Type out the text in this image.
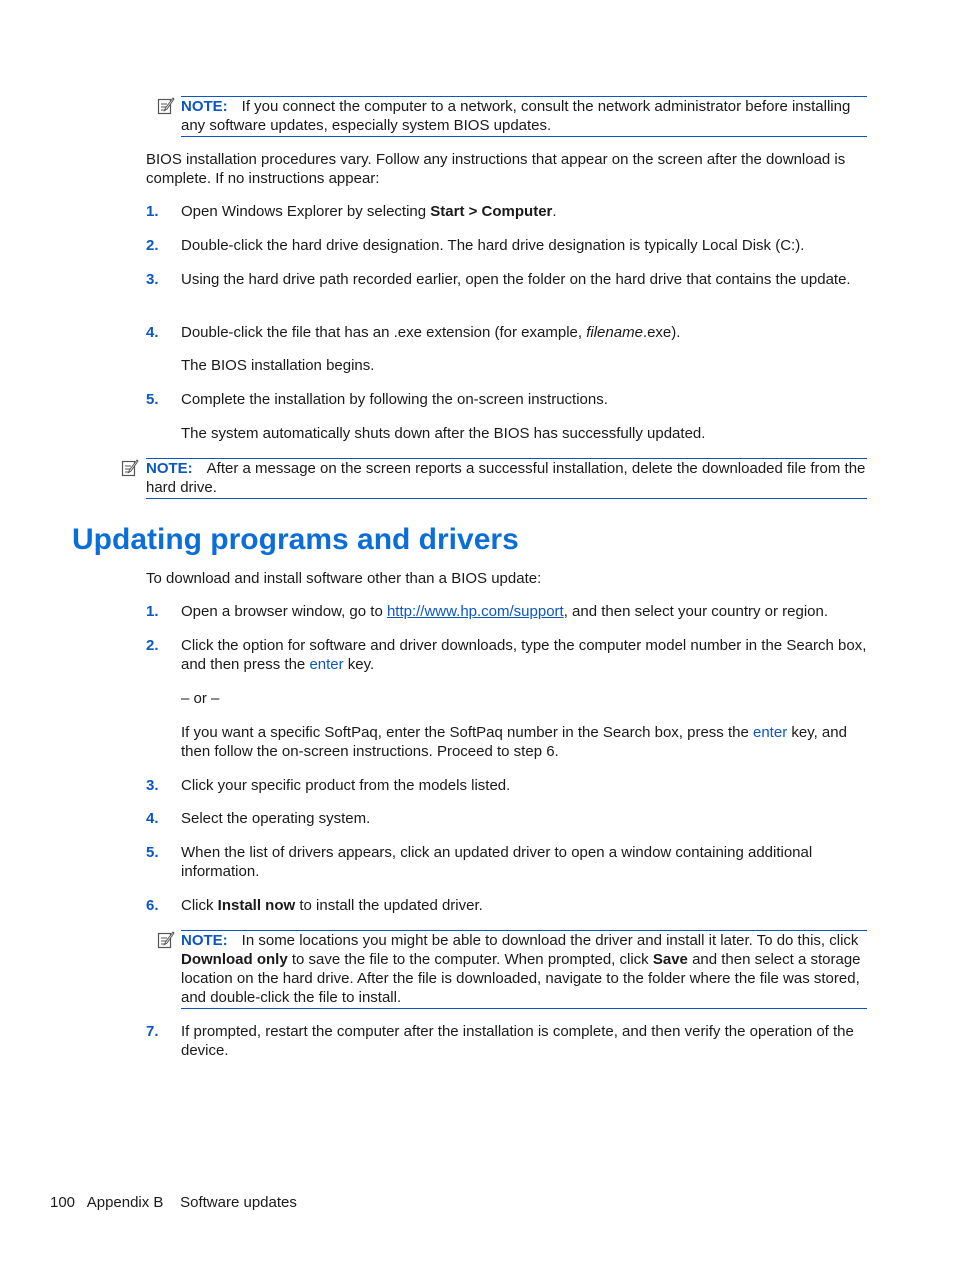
NOTE: If you connect the computer to a network, consult the network administrator before installing any software updates, especially system BIOS updates.
BIOS installation procedures vary. Follow any instructions that appear on the screen after the download is complete. If no instructions appear:
1.	Open Windows Explorer by selecting Start > Computer.
2.	Double-click the hard drive designation. The hard drive designation is typically Local Disk (C:).
3.	Using the hard drive path recorded earlier, open the folder on the hard drive that contains the update.
4.	Double-click the file that has an .exe extension (for example, filename.exe).
The BIOS installation begins.
5.	Complete the installation by following the on-screen instructions.
The system automatically shuts down after the BIOS has successfully updated.
NOTE: After a message on the screen reports a successful installation, delete the downloaded file from the hard drive.
Updating programs and drivers
To download and install software other than a BIOS update:
1.	Open a browser window, go to http://www.hp.com/support, and then select your country or region.
2.	Click the option for software and driver downloads, type the computer model number in the Search box, and then press the enter key.
– or –
If you want a specific SoftPaq, enter the SoftPaq number in the Search box, press the enter key, and then follow the on-screen instructions. Proceed to step 6.
3.	Click your specific product from the models listed.
4.	Select the operating system.
5.	When the list of drivers appears, click an updated driver to open a window containing additional information.
6.	Click Install now to install the updated driver.
NOTE: In some locations you might be able to download the driver and install it later. To do this, click Download only to save the file to the computer. When prompted, click Save and then select a storage location on the hard drive. After the file is downloaded, navigate to the folder where the file was stored, and double-click the file to install.
7.	If prompted, restart the computer after the installation is complete, and then verify the operation of the device.
100 Appendix B Software updates
